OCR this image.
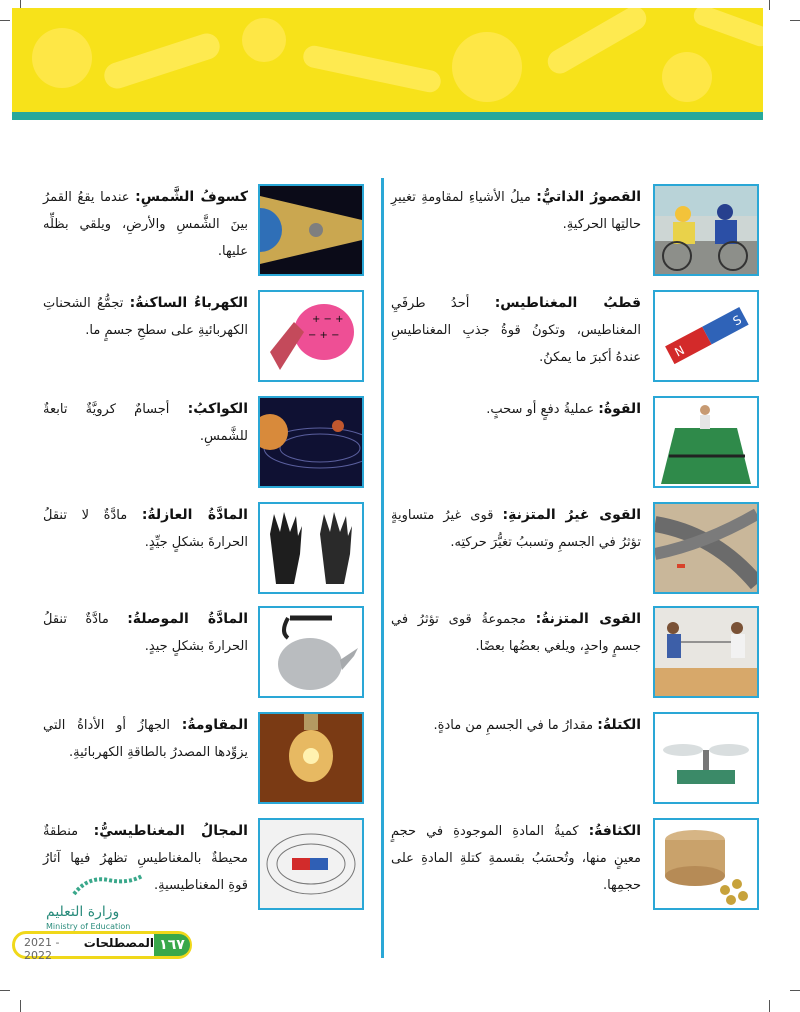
القصورُ الذاتيُّ: ميلُ الأشياءِ لمقاومةِ تغييرِ حالتِها الحركيةِ.
N
S
قطبُ المغناطيس: أحدُ طرفَيِ المغناطيس، وتكونُ قوةُ جذبِ المغناطيسِ عندهُ أكبرَ ما يمكنُ.
القوةُ: عمليةُ دفعٍ أو سحبٍ.
القوى غيرُ المتزنةِ: قوى غيرُ متساويةٍ تؤثرُ في الجسمِ وتسببُ تغيُّرَ حركتِه.
القوى المتزنةُ: مجموعةُ قوى تؤثرُ في جسمٍ واحدٍ، ويلغي بعضُها بعضًا.
الكتلةُ: مقدارُ ما في الجسمِ من مادةٍ.
الكثافةُ: كميةُ المادةِ الموجودةِ في حجمٍ معينٍ منها، وتُحسَبُ بقسمةِ كتلةِ المادةِ على حجمِها.
كسوفُ الشَّمسِ: عندما يقعُ القمرُ بينَ الشَّمسِ والأرضِ، ويلقي بظلِّه عليها.
+ − +
− + −
الكهرباءُ الساكنةُ: تجمُّعُ الشحناتِ الكهربائيةِ على سطحِ جسمٍ ما.
الكواكبُ: أجسامٌ كرويَّةٌ تابعةٌ للشَّمسِ.
المادَّةُ العازلةُ: مادَّةٌ لا تنقلُ الحرارةَ بشكلٍ جيِّدٍ.
المادَّةُ الموصلةُ: مادَّةٌ تنقلُ الحرارةَ بشكلٍ جيدٍ.
المقاومةُ: الجهازُ أو الأداةُ التي يزوِّدها المصدرُ بالطاقةِ الكهربائيةِ.
المجالُ المغناطيسيُّ: منطقةٌ محيطةٌ بالمغناطيسِ تظهرُ فيها آثارُ قوةِ المغناطيسيةِ.
وزارة التعليم
Ministry of Education
2021 - 2022
المصطلحات ١٦٧
